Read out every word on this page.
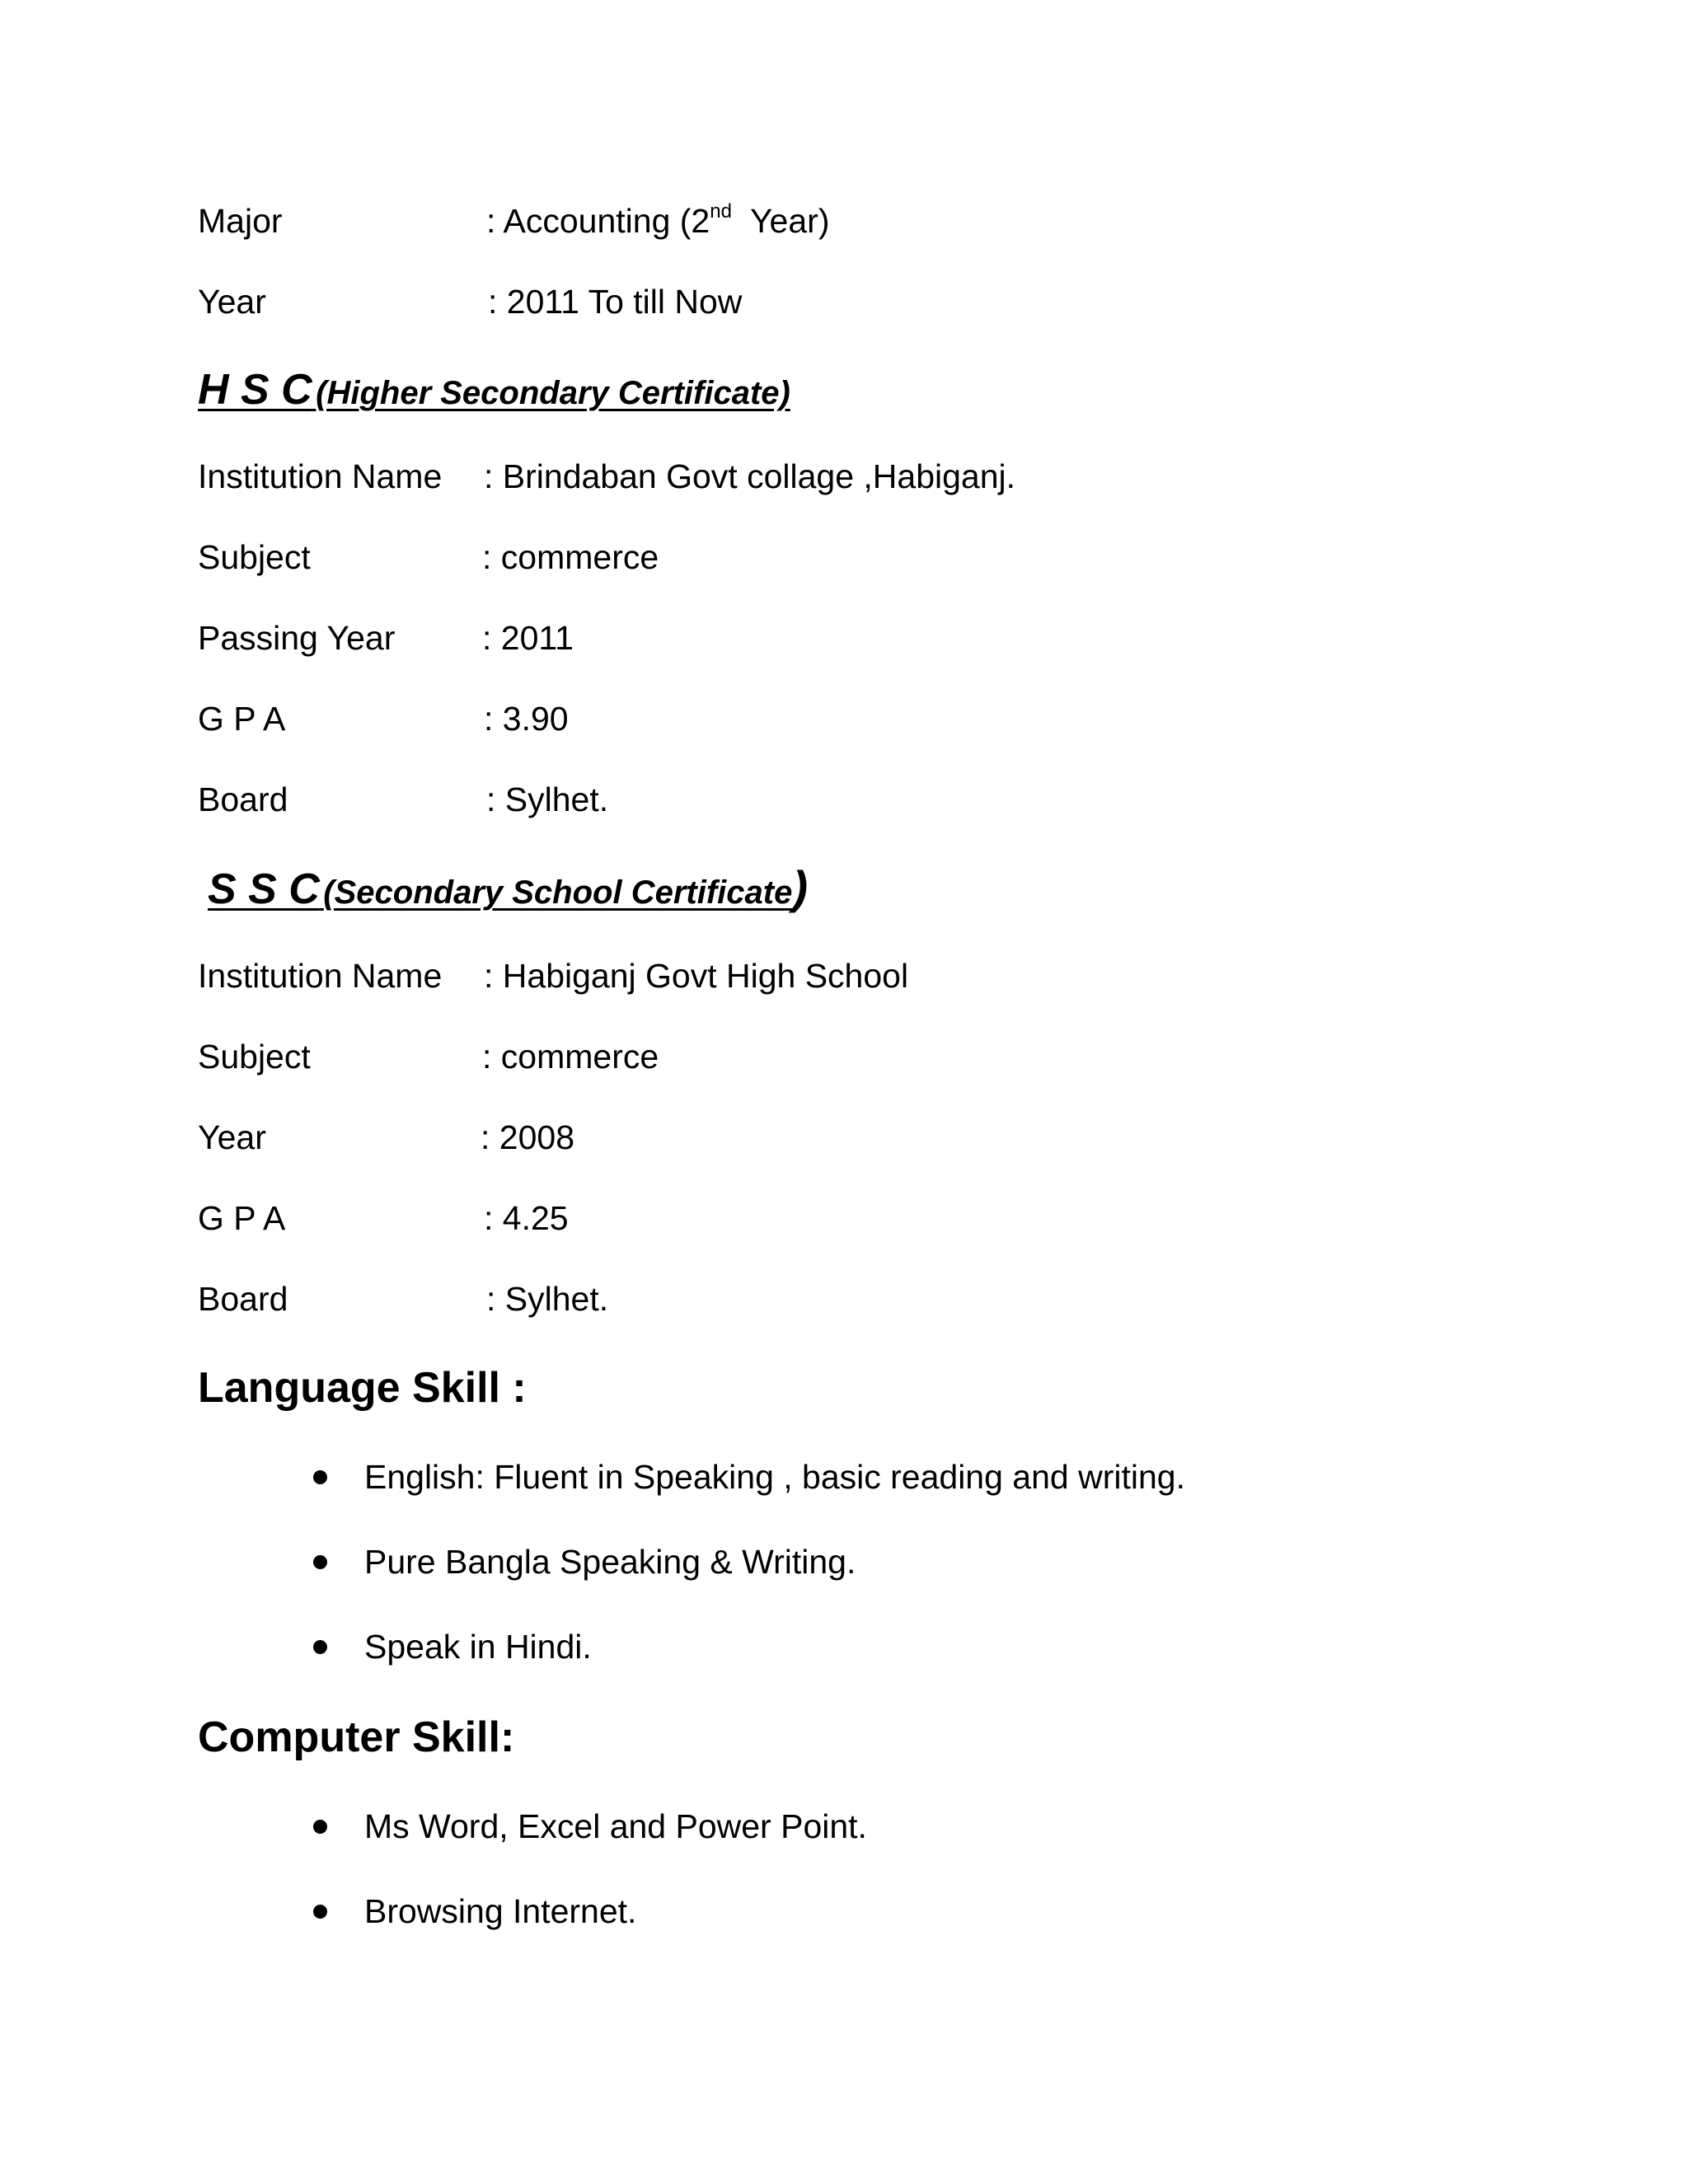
Major	: Accounting (2nd  Year)
Year	: 2011 To till Now
H S C (Higher Secondary Certificate)
Institution Name : Brindaban Govt collage ,Habiganj.
Subject	: commerce
Passing Year	: 2011
G P A	: 3.90
Board	: Sylhet.
S S C (Secondary School Certificate)
Institution Name : Habiganj Govt High School
Subject	: commerce
Year	: 2008
G P A	: 4.25
Board	: Sylhet.
Language Skill :
English: Fluent in Speaking , basic reading and writing.
Pure Bangla Speaking & Writing.
Speak in Hindi.
Computer Skill:
Ms Word, Excel and Power Point.
Browsing Internet.
